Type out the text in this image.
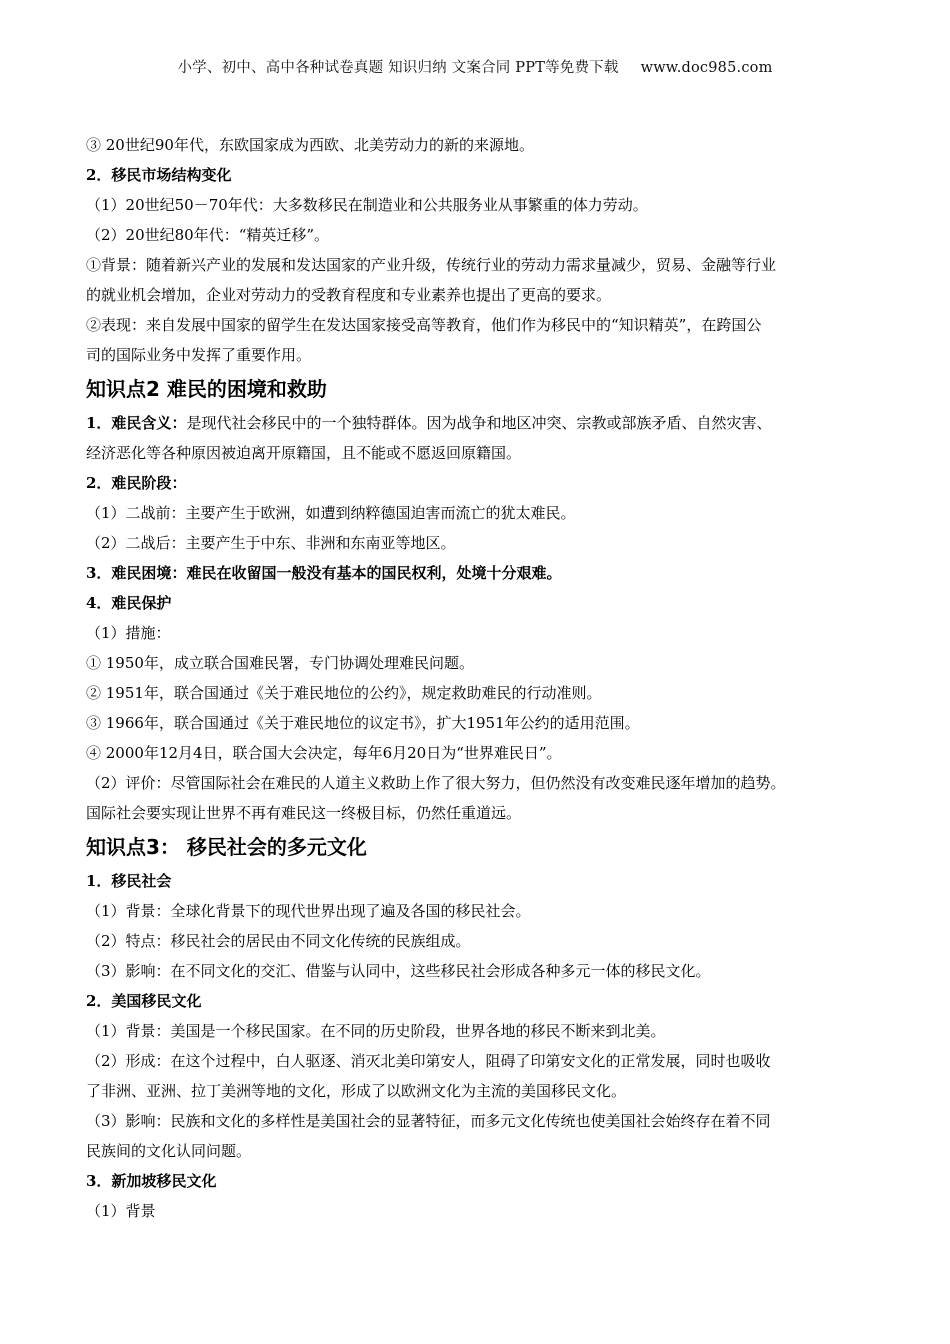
小学、初中、高中各种试卷真题 知识归纳 文案合同 PPT等免费下载 www.doc985.com
③ 20世纪90年代，东欧国家成为西欧、北美劳动力的新的来源地。
2．移民市场结构变化
（1）20世纪50－70年代：大多数移民在制造业和公共服务业从事繁重的体力劳动。
（2）20世纪80年代：“精英迁移”。
①背景：随着新兴产业的发展和发达国家的产业升级，传统行业的劳动力需求量减少，贸易、金融等行业
的就业机会增加，企业对劳动力的受教育程度和专业素养也提出了更高的要求。
②表现：来自发展中国家的留学生在发达国家接受高等教育，他们作为移民中的“知识精英”，在跨国公
司的国际业务中发挥了重要作用。
知识点2 难民的困境和救助
1．难民含义：是现代社会移民中的一个独特群体。因为战争和地区冲突、宗教或部族矛盾、自然灾害、
经济恶化等各种原因被迫离开原籍国，且不能或不愿返回原籍国。
2．难民阶段：
（1）二战前：主要产生于欧洲，如遭到纳粹德国迫害而流亡的犹太难民。
（2）二战后：主要产生于中东、非洲和东南亚等地区。
3．难民困境：难民在收留国一般没有基本的国民权利，处境十分艰难。
4．难民保护
（1）措施：
① 1950年，成立联合国难民署，专门协调处理难民问题。
② 1951年，联合国通过《关于难民地位的公约》，规定救助难民的行动准则。
③ 1966年，联合国通过《关于难民地位的议定书》，扩大1951年公约的适用范围。
④ 2000年12月4日，联合国大会决定，每年6月20日为“世界难民日”。
（2）评价：尽管国际社会在难民的人道主义救助上作了很大努力，但仍然没有改变难民逐年增加的趋势。
国际社会要实现让世界不再有难民这一终极目标，仍然任重道远。
知识点3： 移民社会的多元文化
1．移民社会
（1）背景：全球化背景下的现代世界出现了遍及各国的移民社会。
（2）特点：移民社会的居民由不同文化传统的民族组成。
（3）影响：在不同文化的交汇、借鉴与认同中，这些移民社会形成各种多元一体的移民文化。
2．美国移民文化
（1）背景：美国是一个移民国家。在不同的历史阶段，世界各地的移民不断来到北美。
（2）形成：在这个过程中，白人驱逐、消灭北美印第安人，阻碍了印第安文化的正常发展，同时也吸收
了非洲、亚洲、拉丁美洲等地的文化，形成了以欧洲文化为主流的美国移民文化。
（3）影响：民族和文化的多样性是美国社会的显著特征，而多元文化传统也使美国社会始终存在着不同
民族间的文化认同问题。
3．新加坡移民文化
（1）背景
